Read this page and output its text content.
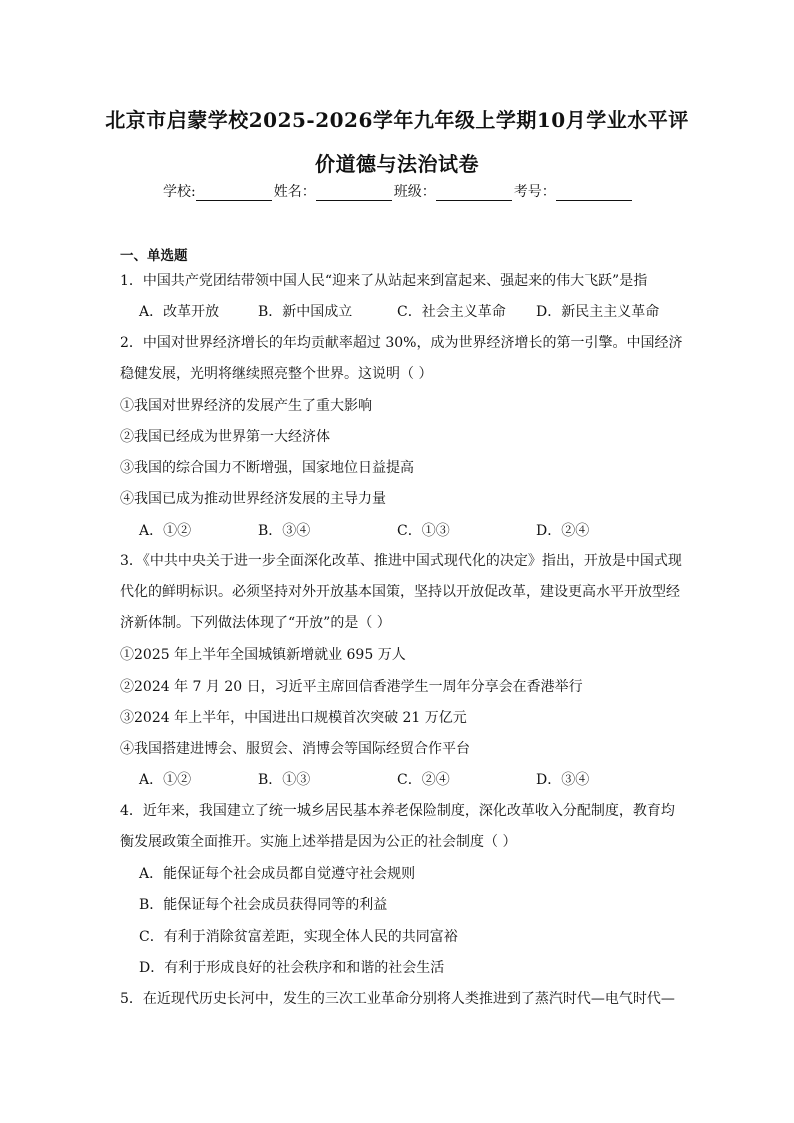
北京市启蒙学校2025-2026学年九年级上学期10月学业水平评
价道德与法治试卷
学校:	姓名：	班级：	考号：
一、单选题
1．中国共产党团结带领中国人民“迎来了从站起来到富起来、强起来的伟大飞跃”是指
A．改革开放	B．新中国成立	C．社会主义革命 D．新民主主义革命
2．中国对世界经济增长的年均贡献率超过 30%，成为世界经济增长的第一引擎。中国经济
稳健发展，光明将继续照亮整个世界。这说明（ ）
①我国对世界经济的发展产生了重大影响
②我国已经成为世界第一大经济体
③我国的综合国力不断增强，国家地位日益提高
④我国已成为推动世界经济发展的主导力量
A．①②	B．③④	C．①③	D．②④
3．《中共中央关于进一步全面深化改革、推进中国式现代化的决定》指出，开放是中国式现
代化的鲜明标识。必须坚持对外开放基本国策，坚持以开放促改革，建设更高水平开放型经
济新体制。下列做法体现了“开放”的是（ ）
①2025 年上半年全国城镇新增就业 695 万人
②2024 年 7 月 20 日，习近平主席回信香港学生一周年分享会在香港举行
③2024 年上半年，中国进出口规模首次突破 21 万亿元
④我国搭建进博会、服贸会、消博会等国际经贸合作平台
A．①②	B．①③	C．②④	D．③④
4．近年来，我国建立了统一城乡居民基本养老保险制度，深化改革收入分配制度，教育均
衡发展政策全面推开。实施上述举措是因为公正的社会制度（ ）
A．能保证每个社会成员都自觉遵守社会规则
B．能保证每个社会成员获得同等的利益
C．有利于消除贫富差距，实现全体人民的共同富裕
D．有利于形成良好的社会秩序和和谐的社会生活
5．在近现代历史长河中，发生的三次工业革命分别将人类推进到了蒸汽时代—电气时代—
